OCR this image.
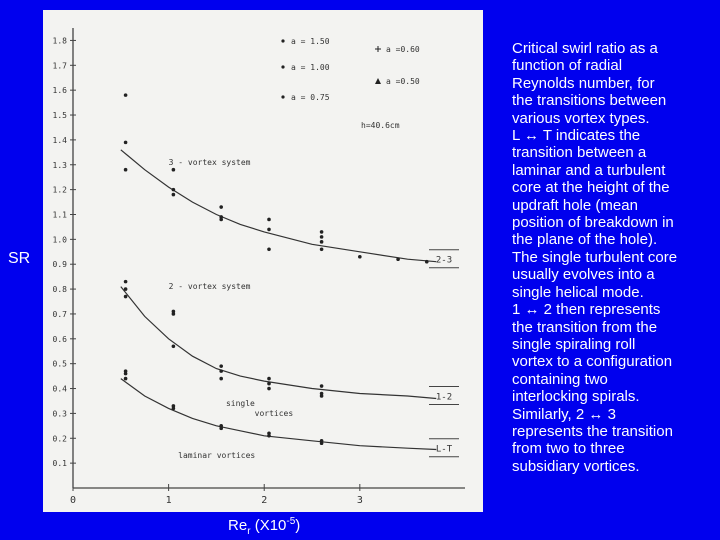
0.1
0.2
0.3
0.4
0.5
0.6
0.7
0.8
0.9
1.0
1.1
1.2
1.3
1.4
1.5
1.6
1.7
1.8
0	1	2	3
2-3
1-2
L-T
3 - vortex system
2 - vortex system
single
vortices
laminar vortices
a = 1.50
a = 1.00
a = 0.75
a =0.60
a =0.50
h=40.6cm
SR
$Re_r$ $(X10^{-5})$
Critical swirl ratio as a
function of radial
Reynolds number, for
the transitions between
various vortex types.
L ↔ T indicates the
transition between a
laminar and a turbulent
core at the height of the
updraft hole (mean
position of breakdown in
the plane of the hole).
The single turbulent core
usually evolves into a
single helical mode.
1 ↔ 2 then represents
the transition from the
single spiraling roll
vortex to a configuration
containing two
interlocking spirals.
Similarly, 2 ↔ 3
represents the transition
from two to three
subsidiary vortices.
